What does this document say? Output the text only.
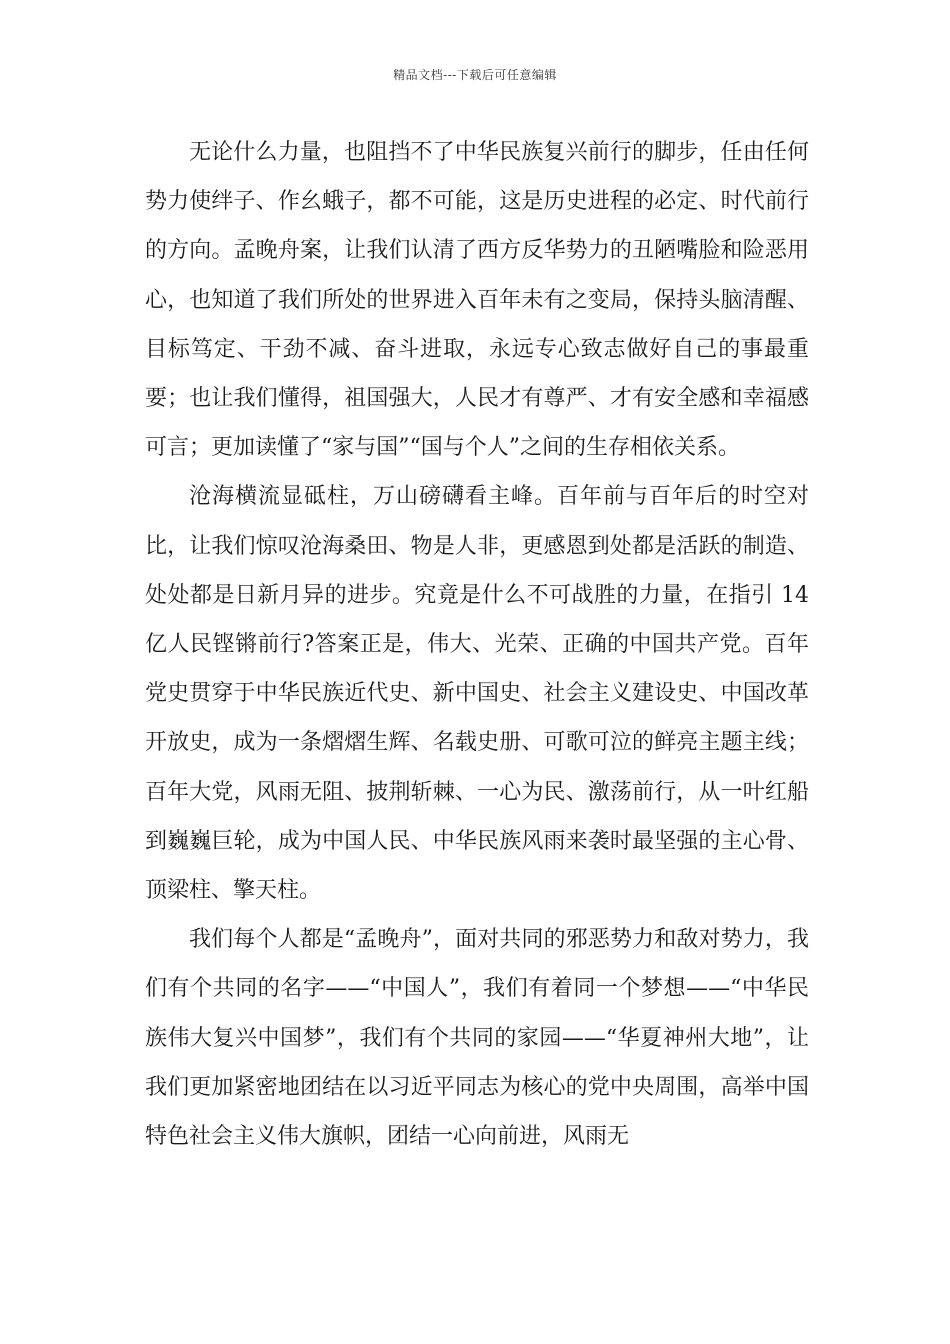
精品文档---下载后可任意编辑

无论什么力量，也阻挡不了中华民族复兴前行的脚步，任由任何势力使绊子、作幺蛾子，都不可能，这是历史进程的必定、时代前行的方向。孟晚舟案，让我们认清了西方反华势力的丑陋嘴脸和险恶用心，也知道了我们所处的世界进入百年未有之变局，保持头脑清醒、目标笃定、干劲不减、奋斗进取，永远专心致志做好自己的事最重要；也让我们懂得，祖国强大，人民才有尊严、才有安全感和幸福感可言；更加读懂了“家与国”“国与个人”之间的生存相依关系。

沧海横流显砥柱，万山磅礴看主峰。百年前与百年后的时空对比，让我们惊叹沧海桑田、物是人非，更感恩到处都是活跃的制造、处处都是日新月异的进步。究竟是什么不可战胜的力量，在指引 14 亿人民铿锵前行?答案正是，伟大、光荣、正确的中国共产党。百年党史贯穿于中华民族近代史、新中国史、社会主义建设史、中国改革开放史，成为一条熠熠生辉、名载史册、可歌可泣的鲜亮主题主线；百年大党，风雨无阻、披荆斩棘、一心为民、激荡前行，从一叶红船到巍巍巨轮，成为中国人民、中华民族风雨来袭时最坚强的主心骨、顶梁柱、擎天柱。

我们每个人都是“孟晚舟”，面对共同的邪恶势力和敌对势力，我们有个共同的名字——“中国人”，我们有着同一个梦想——“中华民族伟大复兴中国梦”，我们有个共同的家园——“华夏神州大地”，让我们更加紧密地团结在以习近平同志为核心的党中央周围，高举中国特色社会主义伟大旗帜，团结一心向前进，风雨无
